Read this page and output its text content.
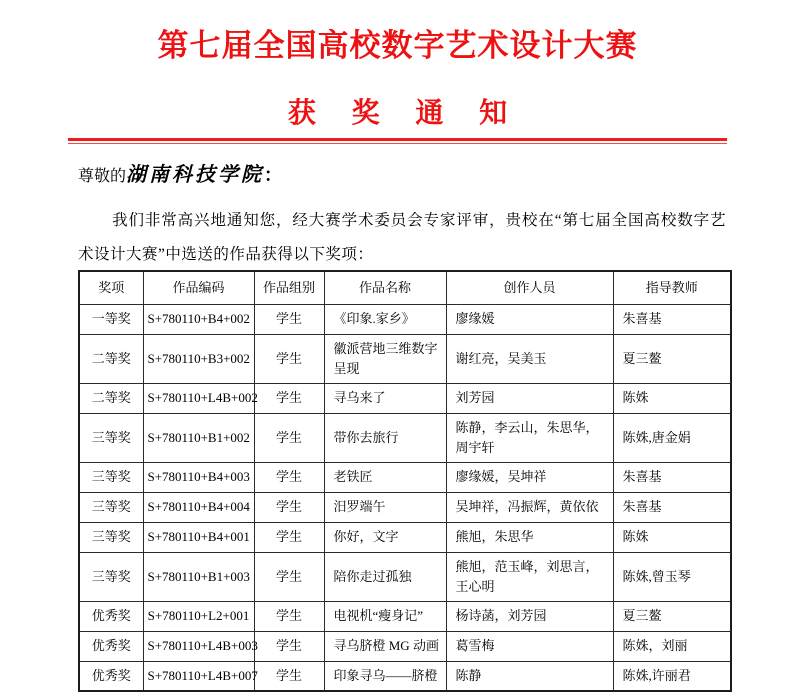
第七届全国高校数字艺术设计大赛
获 奖 通 知
尊敬的湖南科技学院：
我们非常高兴地通知您，经大赛学术委员会专家评审，贵校在“第七届全国高校数字艺术设计大赛”中选送的作品获得以下奖项：
奖项	作品编码	作品组别	作品名称	创作人员	指导教师
一等奖	S+780110+B4+002	学生	《印象.家乡》	廖缘媛	朱喜基
二等奖	S+780110+B3+002	学生	徽派营地三维数字呈现	谢红亮，吴美玉	夏三鳌
二等奖	S+780110+L4B+002	学生	寻乌来了	刘芳园	陈姝
三等奖	S+780110+B1+002	学生	带你去旅行	陈静，李云山，朱思华，周宇轩	陈姝,唐金娟
三等奖	S+780110+B4+003	学生	老铁匠	廖缘媛，吴坤祥	朱喜基
三等奖	S+780110+B4+004	学生	汨罗端午	吴坤祥，冯振辉，黄依依	朱喜基
三等奖	S+780110+B4+001	学生	你好，文字	熊旭，朱思华	陈姝
三等奖	S+780110+B1+003	学生	陪你走过孤独	熊旭，范玉峰，刘思言，王心明	陈姝,曾玉琴
优秀奖	S+780110+L2+001	学生	电视机“瘦身记”	杨诗菡，刘芳园	夏三鳌
优秀奖	S+780110+L4B+003	学生	寻乌脐橙 MG 动画	葛雪梅	陈姝，刘丽
优秀奖	S+780110+L4B+007	学生	印象寻乌——脐橙	陈静	陈姝,许丽君
